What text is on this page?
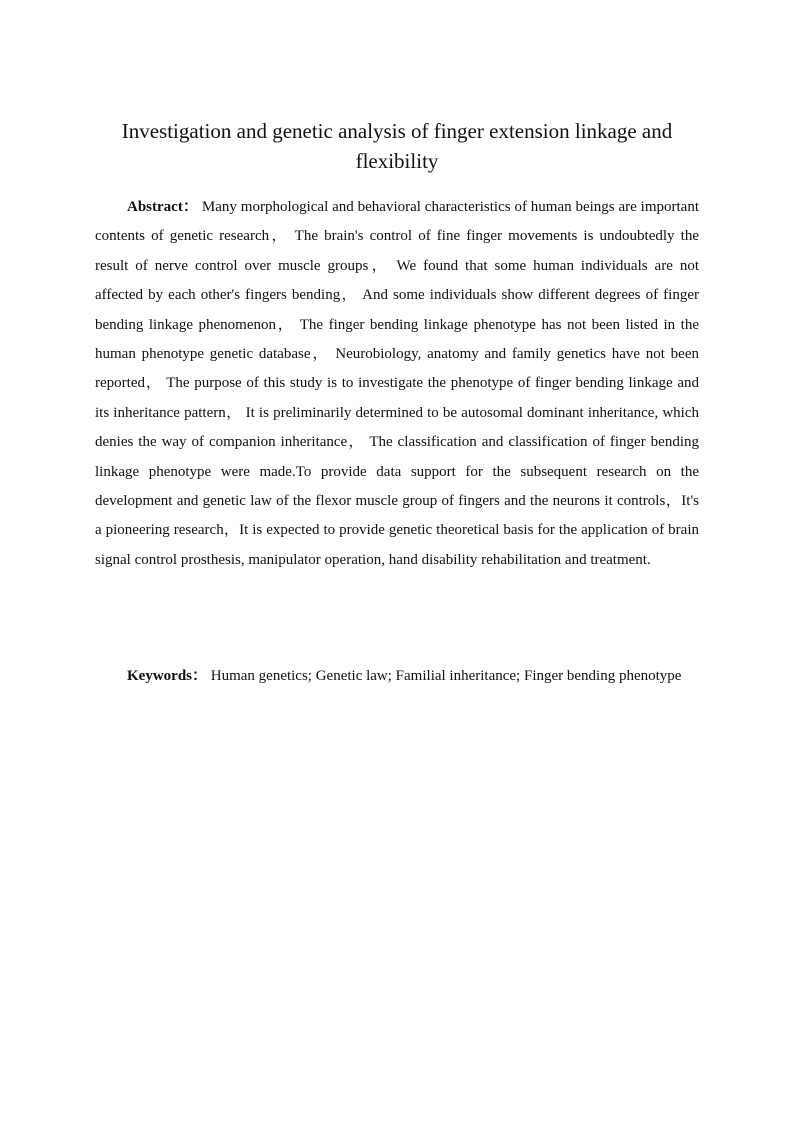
Investigation and genetic analysis of finger extension linkage and flexibility

Abstract： Many morphological and behavioral characteristics of human beings are important contents of genetic research， The brain's control of fine finger movements is undoubtedly the result of nerve control over muscle groups， We found that some human individuals are not affected by each other's fingers bending， And some individuals show different degrees of finger bending linkage phenomenon， The finger bending linkage phenotype has not been listed in the human phenotype genetic database， Neurobiology, anatomy and family genetics have not been reported， The purpose of this study is to investigate the phenotype of finger bending linkage and its inheritance pattern， It is preliminarily determined to be autosomal dominant inheritance, which denies the way of companion inheritance， The classification and classification of finger bending linkage phenotype were made.To provide data support for the subsequent research on the development and genetic law of the flexor muscle group of fingers and the neurons it controls，It's a pioneering research，It is expected to provide genetic theoretical basis for the application of brain signal control prosthesis, manipulator operation, hand disability rehabilitation and treatment.

Keywords： Human genetics; Genetic law; Familial inheritance; Finger bending phenotype
